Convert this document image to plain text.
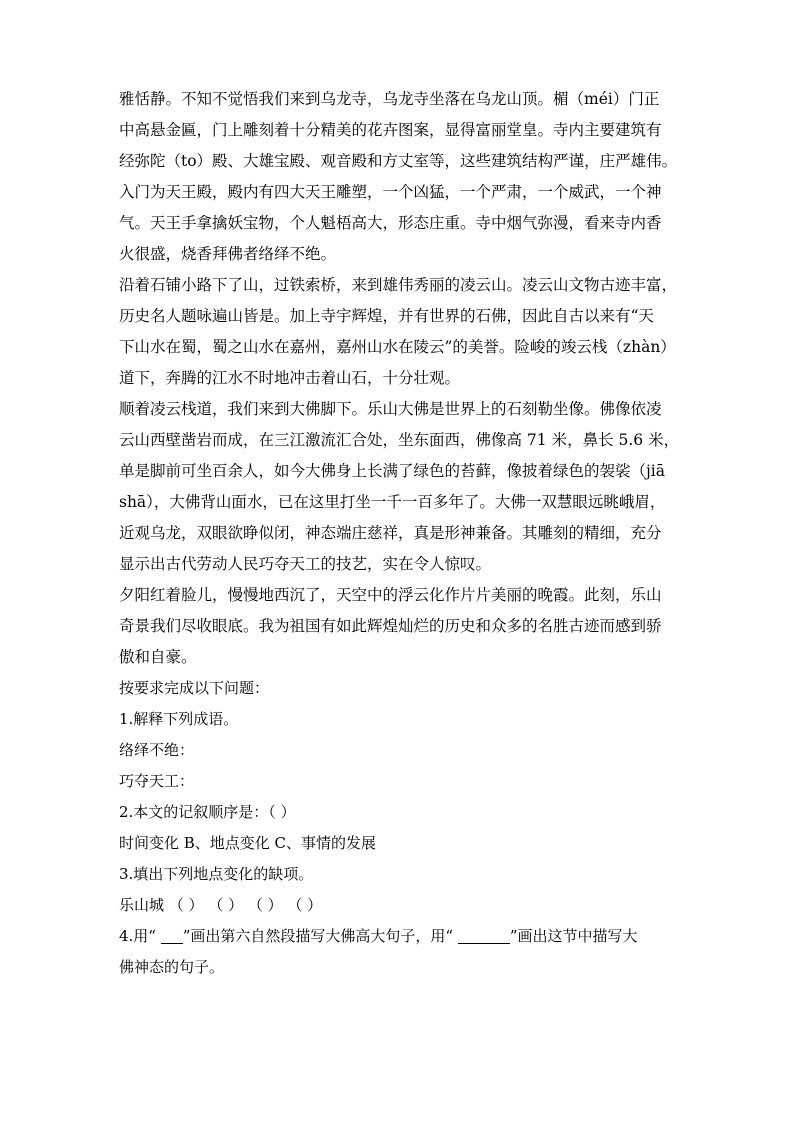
雅恬静。不知不觉悟我们来到乌龙寺，乌龙寺坐落在乌龙山顶。楣（méi）门正
中高悬金匾，门上雕刻着十分精美的花卉图案，显得富丽堂皇。寺内主要建筑有
经弥陀（to）殿、大雄宝殿、观音殿和方丈室等，这些建筑结构严谨，庄严雄伟。
入门为天王殿，殿内有四大天王雕塑，一个凶猛，一个严肃，一个威武，一个神
气。天王手拿擒妖宝物，个人魁梧高大，形态庄重。寺中烟气弥漫，看来寺内香
火很盛，烧香拜佛者络绎不绝。
沿着石铺小路下了山，过铁索桥，来到雄伟秀丽的凌云山。凌云山文物古迹丰富，
历史名人题咏遍山皆是。加上寺宇辉煌，并有世界的石佛，因此自古以来有“天
下山水在蜀，蜀之山水在嘉州，嘉州山水在陵云”的美誉。险峻的竣云栈（zhàn）
道下，奔腾的江水不时地冲击着山石，十分壮观。
顺着凌云栈道，我们来到大佛脚下。乐山大佛是世界上的石刻勒坐像。佛像依凌
云山西壁凿岩而成，在三江激流汇合处，坐东面西，佛像高 71 米，鼻长 5.6 米，
单是脚前可坐百余人，如今大佛身上长满了绿色的苔藓，像披着绿色的袈裟（jiā
shā），大佛背山面水，已在这里打坐一千一百多年了。大佛一双慧眼远眺峨眉，
近观乌龙，双眼欲睁似闭，神态端庄慈祥，真是形神兼备。其雕刻的精细，充分
显示出古代劳动人民巧夺天工的技艺，实在令人惊叹。
夕阳红着脸儿，慢慢地西沉了，天空中的浮云化作片片美丽的晚霞。此刻，乐山
奇景我们尽收眼底。我为祖国有如此辉煌灿烂的历史和众多的名胜古迹而感到骄
傲和自豪。
按要求完成以下问题：
1.解释下列成语。
络绎不绝：
巧夺天工：
2.本文的记叙顺序是：（ ）
时间变化 B、地点变化 C、事情的发展
3.填出下列地点变化的缺项。
乐山城 （ ） （ ） （ ） （ ）
4.用“ ”画出第六自然段描写大佛高大句子，用“	”画出这节中描写大
佛神态的句子。
